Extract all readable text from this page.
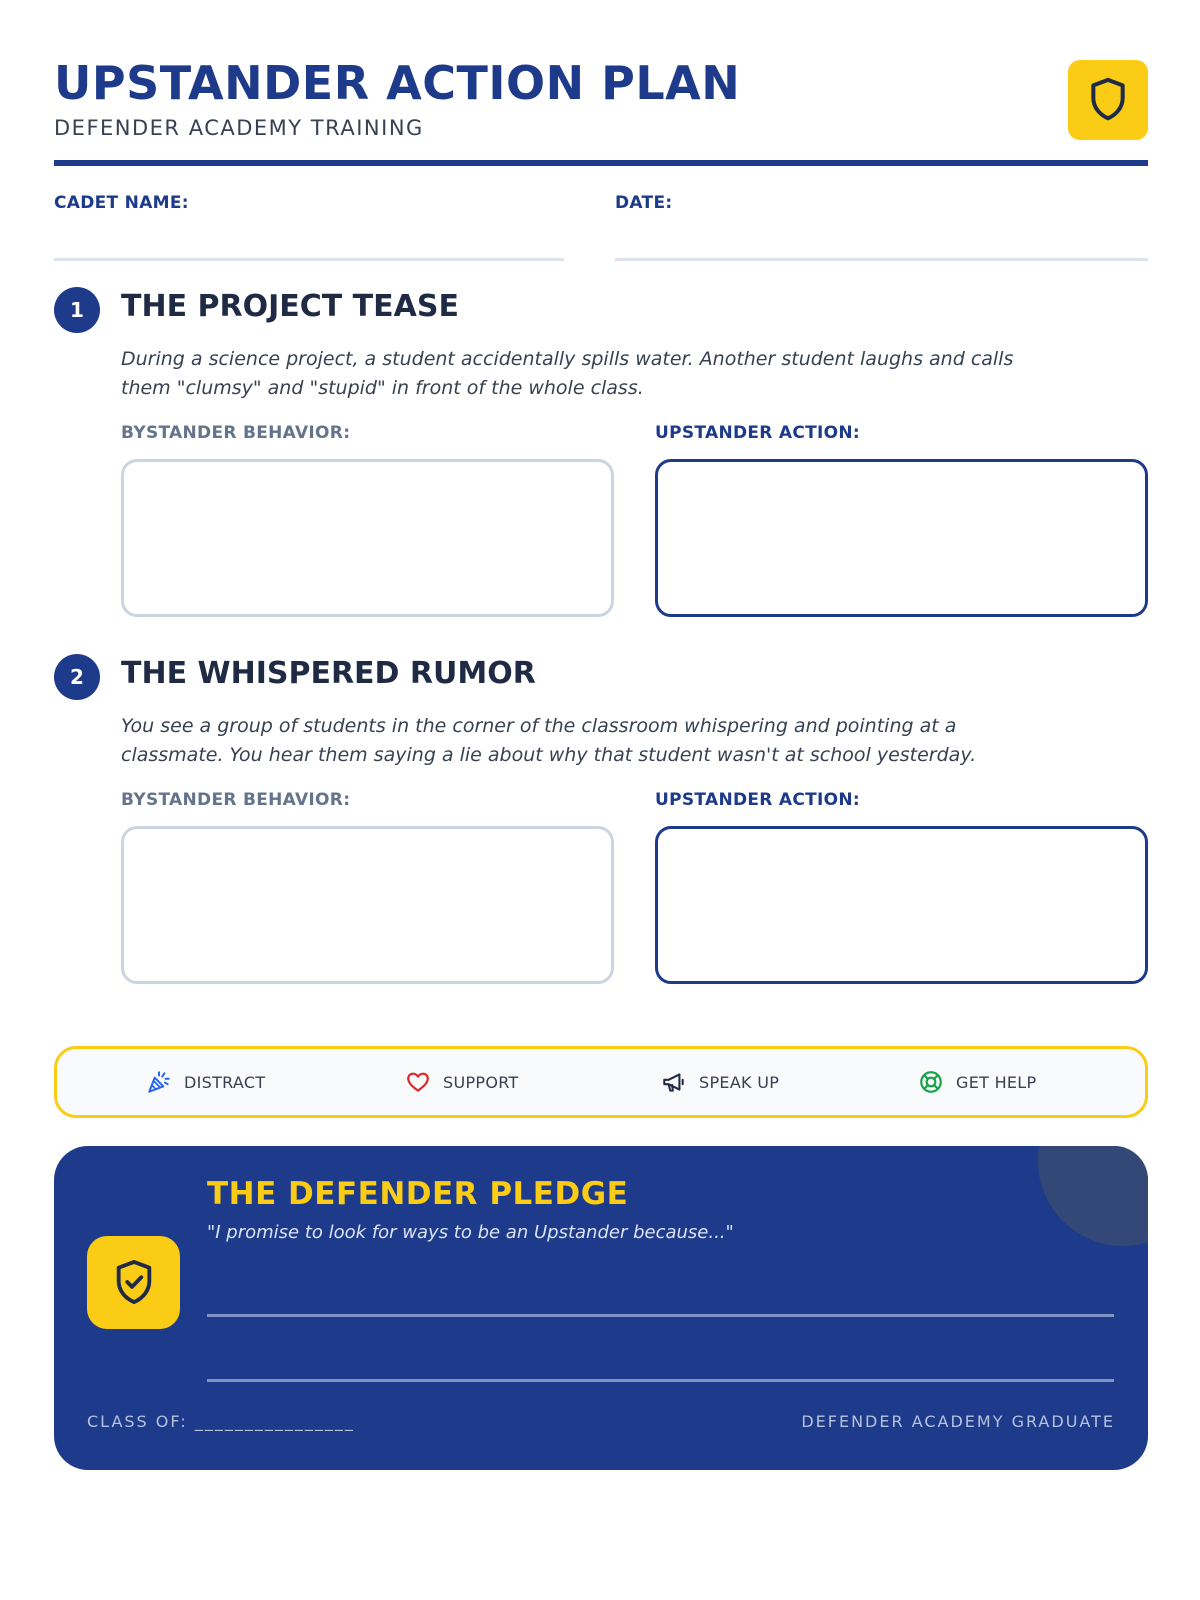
UPSTANDER ACTION PLAN
DEFENDER ACADEMY TRAINING
CADET NAME:	DATE:
1	THE PROJECT TEASE
During a science project, a student accidentally spills water. Another student laughs and calls them "clumsy" and "stupid" in front of the whole class.
BYSTANDER BEHAVIOR:	UPSTANDER ACTION:
2	THE WHISPERED RUMOR
You see a group of students in the corner of the classroom whispering and pointing at a classmate. You hear them saying a lie about why that student wasn't at school yesterday.
BYSTANDER BEHAVIOR:	UPSTANDER ACTION:
DISTRACT	SUPPORT	SPEAK UP	GET HELP
THE DEFENDER PLEDGE
"I promise to look for ways to be an Upstander because..."
CLASS OF: ________________	DEFENDER ACADEMY GRADUATE
